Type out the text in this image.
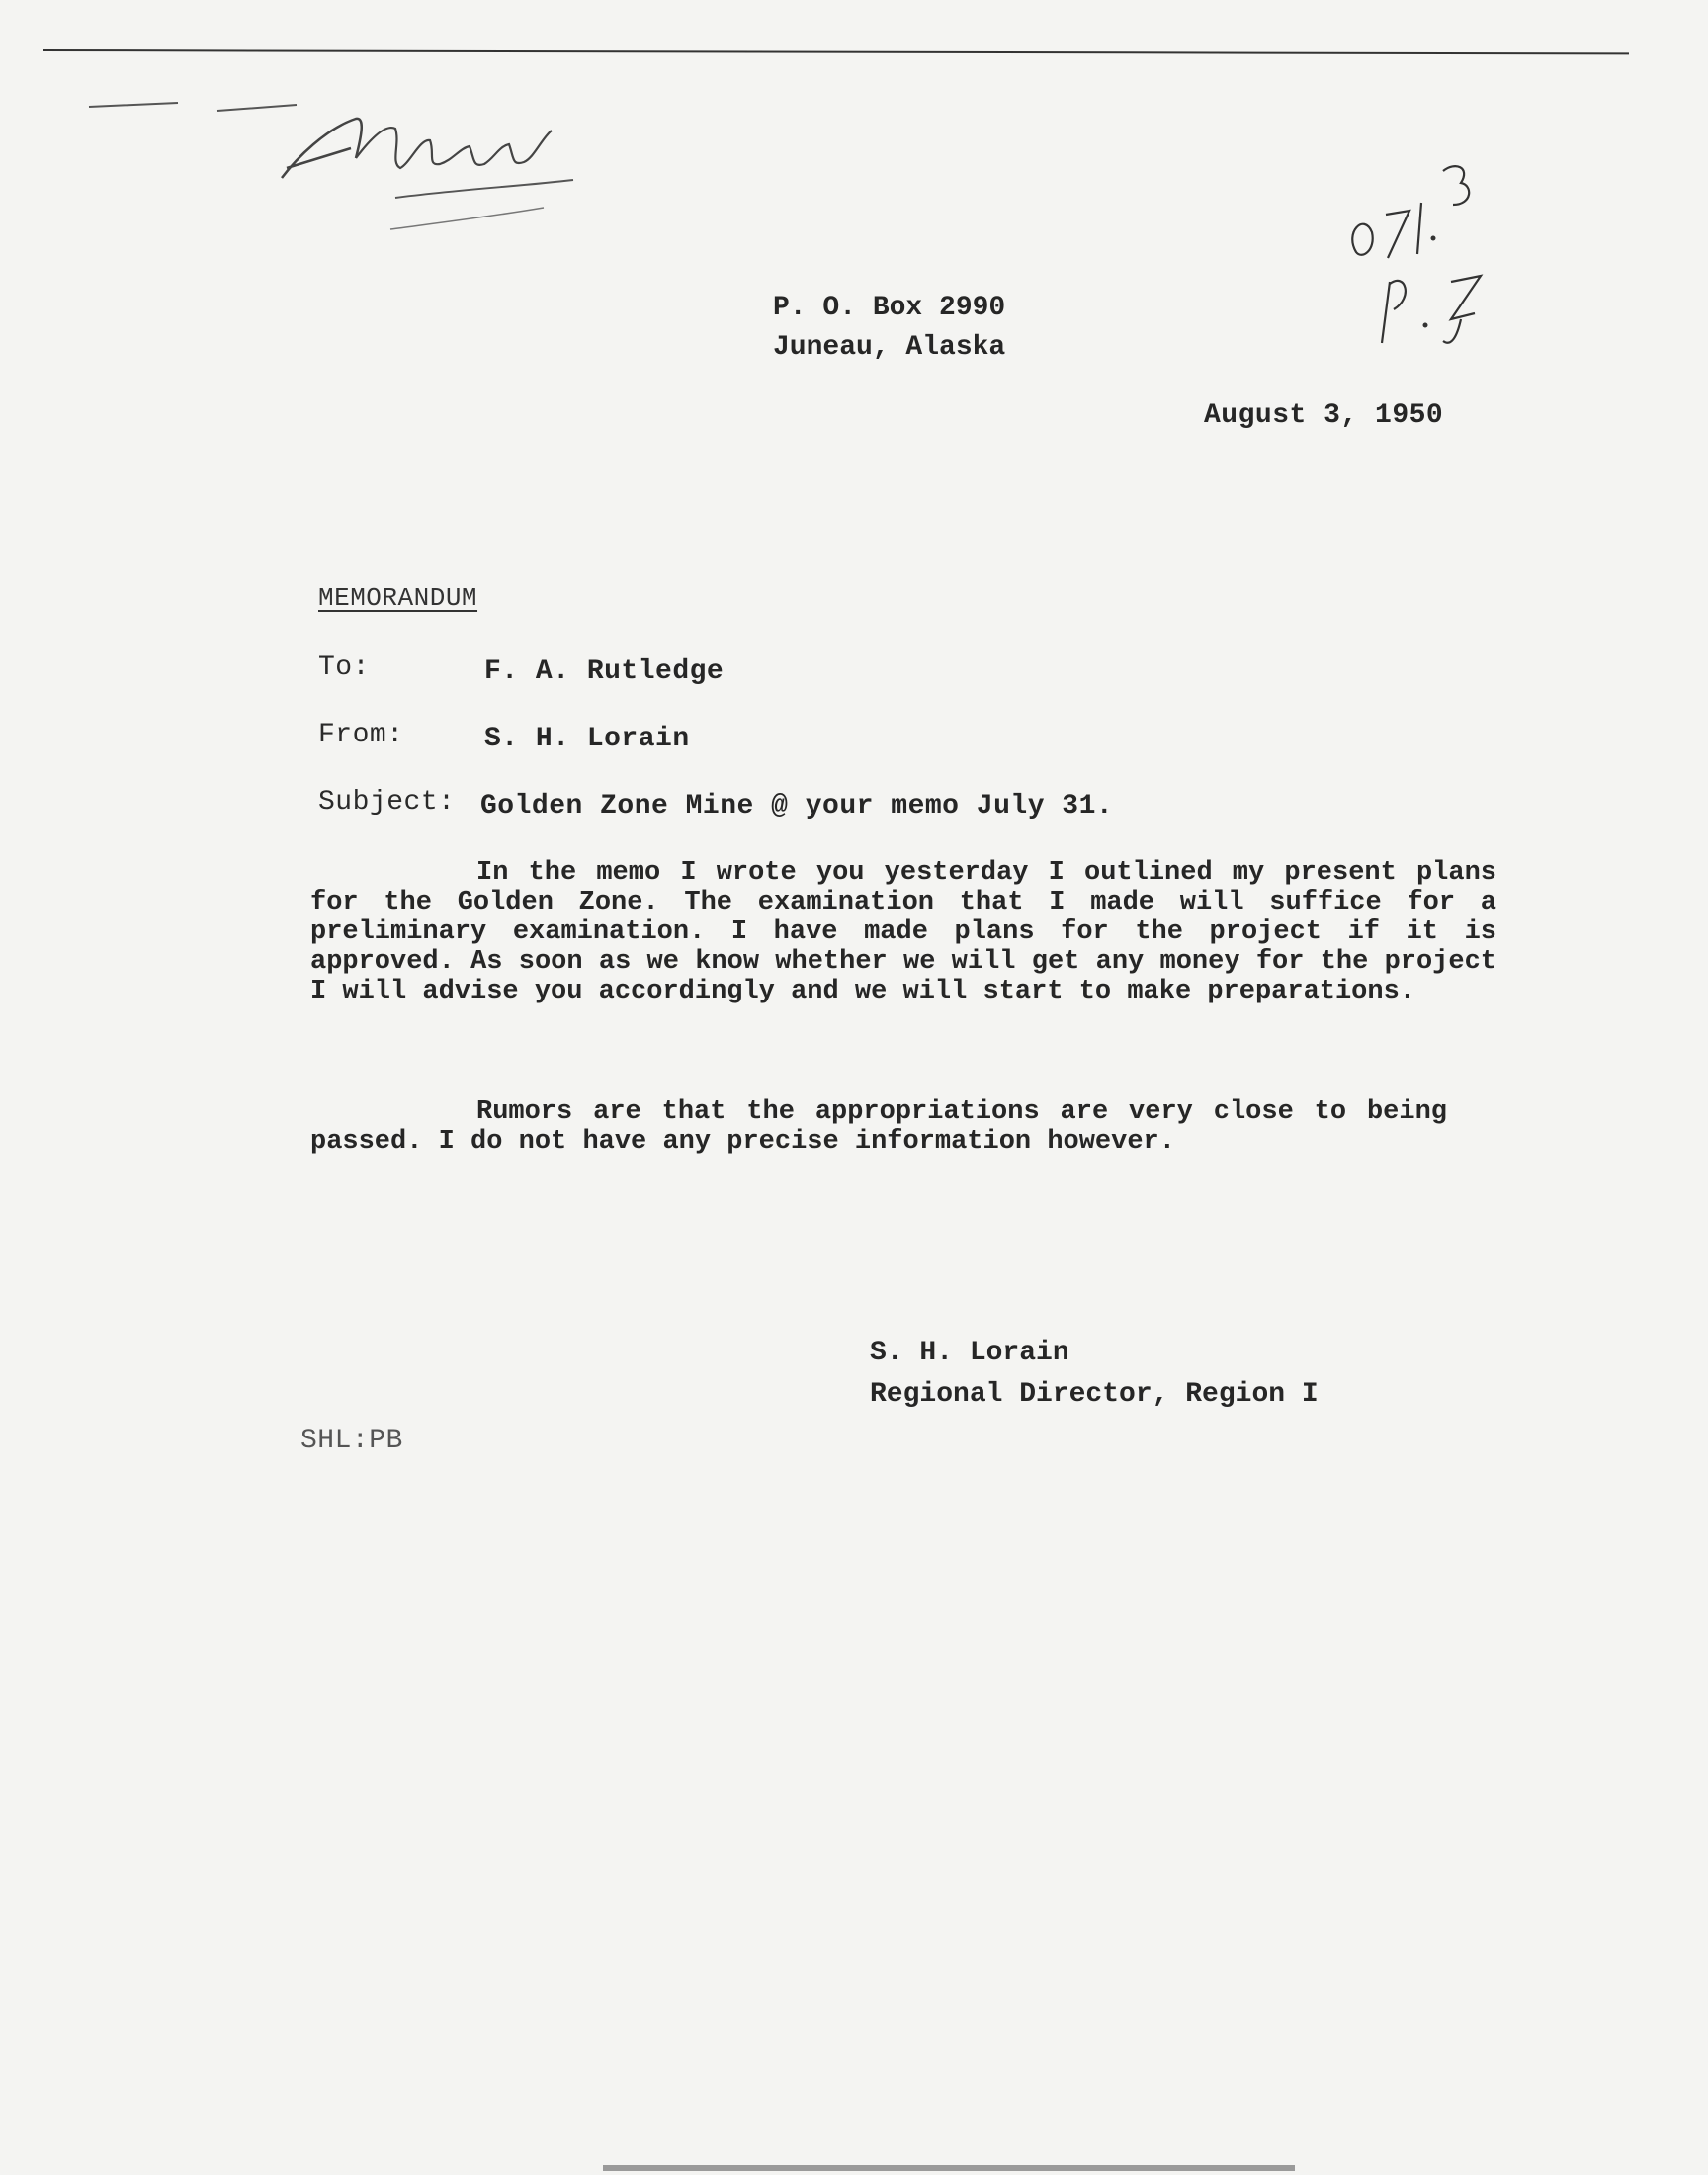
P. O. Box 2990
Juneau, Alaska
August 3, 1950
MEMORANDUM
To:	F. A. Rutledge
From:	S. H. Lorain
Subject: Golden Zone Mine @ your memo July 31.

In the memo I wrote you yesterday I outlined my present plans for the Golden Zone. The examination that I made will suffice for a preliminary examination. I have made plans for the project if it is approved. As soon as we know whether we will get any money for the project I will advise you accordingly and we will start to make preparations.

Rumors are that the appropriations are very close to being passed. I do not have any precise information however.

S. H. Lorain
Regional Director, Region I
SHL:PB
